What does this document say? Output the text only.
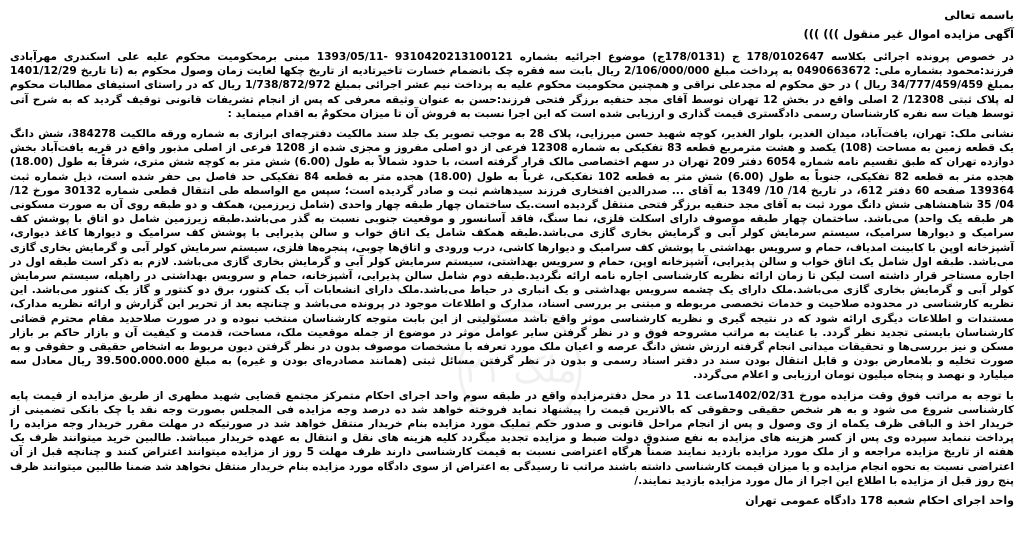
باسمه تعالی

آگهی مزایده اموال غیر منقول ))) )))

در خصوص پرونده اجرائی بکلاسه 178/0102647 ج (178/0131ج) موضوع اجرائیه بشماره 9310420213100121 -1393/05/11 مبنی برمحکومیت محکوم علیه علی اسکندری مهرآبادی فرزند:محمود بشماره ملی: 0490663672 به پرداخت مبلغ 2/106/000/000 ریال بابت سه فقره چک باتضمام خسارت تاخیرتادیه از تاریخ چکها لغایت زمان وصول محکوم به (تا تاریخ 1401/12/29 بمبلغ 34/777/459/459 ریال ) در حق محکوم له مجدعلی نراقی و همچنین محکومیت محکوم علیه به پرداخت نیم عشر اجرائی بمبلغ 1/738/872/972 ریال که در راستای استیفای مطالبات محکوم له پلاک ثبتی 12308/ 2 اصلی واقع در بخش 12 تهران توسط آقای مجد حنفیه برزگر فتحی فرزند:حسن به عنوان وثیقه معرفی که پس از انجام تشریفات قانونی توقیف گردید که به شرح آتی توسط هیات سه نفره کارشناسان رسمی دادگستری قیمت گذاری و ارزیابی شده است که این اجرا نسبت به فروش آن تا میزان محکومٌ به اقدام مینماید :

نشانی ملک: تهران، یافت‌آباد، میدان الغدیر، بلوار الغدیر، کوچه شهید حسن میرزایی، پلاک 28 به موجب تصویر یک جلد سند مالکیت دفترچه‌ای ابرازی به شماره ورقه مالکیت 384278، شش دانگ یک قطعه زمین به مساحت (108) یکصد و هشت مترمربع قطعه 83 تفکیکی به شماره 12308 فرعی از دو اصلی مفروز و مجزی شده از 1208 فرعی از اصلی مذبور واقع در قریه یافت‌آباد بخش دوازده تهران که طبق تقسیم نامه شماره 6054 دفتر 209 تهران در سهم اختصاصی مالک قرار گرفته است، با حدود شمالاً به طول (6.00) شش متر به کوچه شش متری، شرقاً به طول (18.00) هجده متر به قطعه 82 تفکیکی، جنوباً به طول (6.00) شش متر به قطعه 102 تفکیکی، غرباً به طول (18.00) هجده متر به قطعه 84 تفکیکی حد فاصل بی حفر شده است، ذیل شماره ثبت 139364 صفحه 60 دفتر 612، در تاریخ 14/ 10/ 1349 به آقای ... صدرالدین افتخاری فرزند سید‌هاشم ثبت و صادر گردیده است؛ سپس مع الواسطه طی انتقال قطعی شماره 30132 مورخ 12/ 04/ 35 شاهنشاهی شش دانگ مورد ثبت به آقای مجد حنفیه برزگر فتحی منتقل گردیده است.یک ساختمان چهار طبقه چهار واحدی (شامل زیرزمین، همکف و دو طبقه روی آن به صورت مسکونی هر طبقه یک واحد) می‌باشد. ساختمان چهار طبقه موصوف دارای اسکلت فلزی، نما سنگ، فاقد آسانسور و موقعیت جنوبی نسبت به گذر می‌باشد.طبقه زیرزمین شامل دو اتاق با پوشش کف سرامیک و دیوارها سرامیک، سیستم سرمایش کولر آبی و گرمایش بخاری گازی می‌باشد.طبقه همکف شامل یک اتاق خواب و سالن پذیرایی با پوشش کف سرامیک و دیوارها کاغذ دیواری، آشپزخانه اوپن با کابینت امدیاف، حمام و سرویس بهداشتی با پوشش کف سرامیک و دیوارها کاشی، درب ورودی و اتاق‌ها چوبی، پنجره‌ها فلزی، سیستم سرمایش کولر آبی و گرمایش بخاری گازی می‌باشد. طبقه اول شامل یک اتاق خواب و سالن پذیرایی، آشپزخانه اوپن، حمام و سرویس بهداشتی، سیستم سرمایش کولر آبی و گرمایش بخاری گازی می‌باشد. لازم به ذکر است طبقه اول در اجاره مستاجر قرار داشته است لیکن تا زمان ارائه نظریه کارشناسی اجاره نامه ارائه نگردید.طبقه دوم شامل سالن پذیرایی، آشپزخانه، حمام و سرویس بهداشتی در راهپله، سیستم سرمایش کولر آبی و گرمایش بخاری گازی می‌باشد.ملک دارای یک چشمه سرویس بهداشتی و یک انباری در حیاط می‌باشد.ملک دارای انشعابات آب یک کنتور، برق دو کنتور و گاز یک کنتور می‌باشد. این نظریه کارشناسی در محدوده صلاحیت و خدمات تخصصی مربوطه و مبتنی بر بررسی اسناد، مدارک و اطلاعات موجود در پرونده می‌باشد و چنانچه بعد از تحریر این گزارش و ارائه نظریه مدارک، مستندات و اطلاعات دیگری ارائه شود که در نتیجه گیری و نظریه کارشناسی موثر واقع باشد مسئولیتی از این بابت متوجه کارشناسان منتخب نبوده و در صورت صلاحدید مقام محترم قضائی کارشناسان بایستی تجدید نظر گردد. با عنایت به مراتب مشروحه فوق و در نظر گرفتن سایر عوامل موثر در موضوع از جمله موقعیت ملک، مساحت، قدمت و کیفیت آن و بازار حاکم بر بازار مسکن و نیز بررسی‌ها و تحقیقات میدانی انجام گرفته ارزش شش دانگ عرصه و اعیان ملک مورد تعرفه با مشخصات موصوف بدون در نظر گرفتن دیون مربوط به اشخاص حقیقی و حقوقی و به صورت تخلیه و بلامعارض بودن و قابل انتقال بودن سند در دفتر اسناد رسمی و بدون در نظر گرفتن مسائل ثبتی (همانند مصادره‌ای بودن و غیره) به مبلغ 39.500.000.000 ریال معادل سه میلیارد و نهصد و پنجاه میلیون تومان ارزیابی و اعلام می‌گردد.

با توجه به مراتب فوق وقت مزایده مورخ 1402/02/31ساعت 11 در محل دفترمزایده واقع در طبقه سوم واحد اجرای احکام متمرکز مجتمع قضایی شهید مطهری از طریق مزایده از قیمت پایه کارشناسی شروع می شود و به هر شخص حقیقی وحقوقی که بالاترین قیمت را پیشنهاد نماید فروخته خواهد شد ده درصد وجه مزایده فی المجلس بصورت وجه نقد یا چک بانکی تضمینی از خریدار اخذ و الباقی ظرف یکماه از وی وصول و پس از انجام مراحل قانونی و صدور حکم تملیک مورد مزایده بنام خریدار منتقل خواهد شد در صورتیکه در مهلت مقرر خریدار وجه مزایده را پرداخت ننماید سپرده وی پس از کسر هزینه های مزایده به نفع صندوق دولت ضبط و مزایده تجدید میگردد کلیه هزینه های نقل و انتقال به عهده خریدار میباشد. طالبین خرید میتوانند ظرف یک هفته از تاریخ مزایده مراجعه و از ملک مورد مزایده بازدید نمایند ضمناً هرگاه اعتراضی نسبت به قیمت کارشناسی دارند ظرف مهلت 5 روز از مزایده میتوانند اعتراض کنند و چنانچه قبل از آن اعتراضی نسبت به نحوه انجام مزایده و یا میزان قیمت کارشناسی داشته باشند مراتب تا رسیدگی به اعتراض از سوی دادگاه مورد مزایده بنام خریدار منتقل نخواهد شد ضمنا طالبین میتوانند ظرف پنج روز قبل از مزایده با اطلاع این اجرا از مال مورد مزایده بازدید نمایند./

واحد اجرای احکام شعبه 178 دادگاه عمومی تهران

ملک ۲۱
